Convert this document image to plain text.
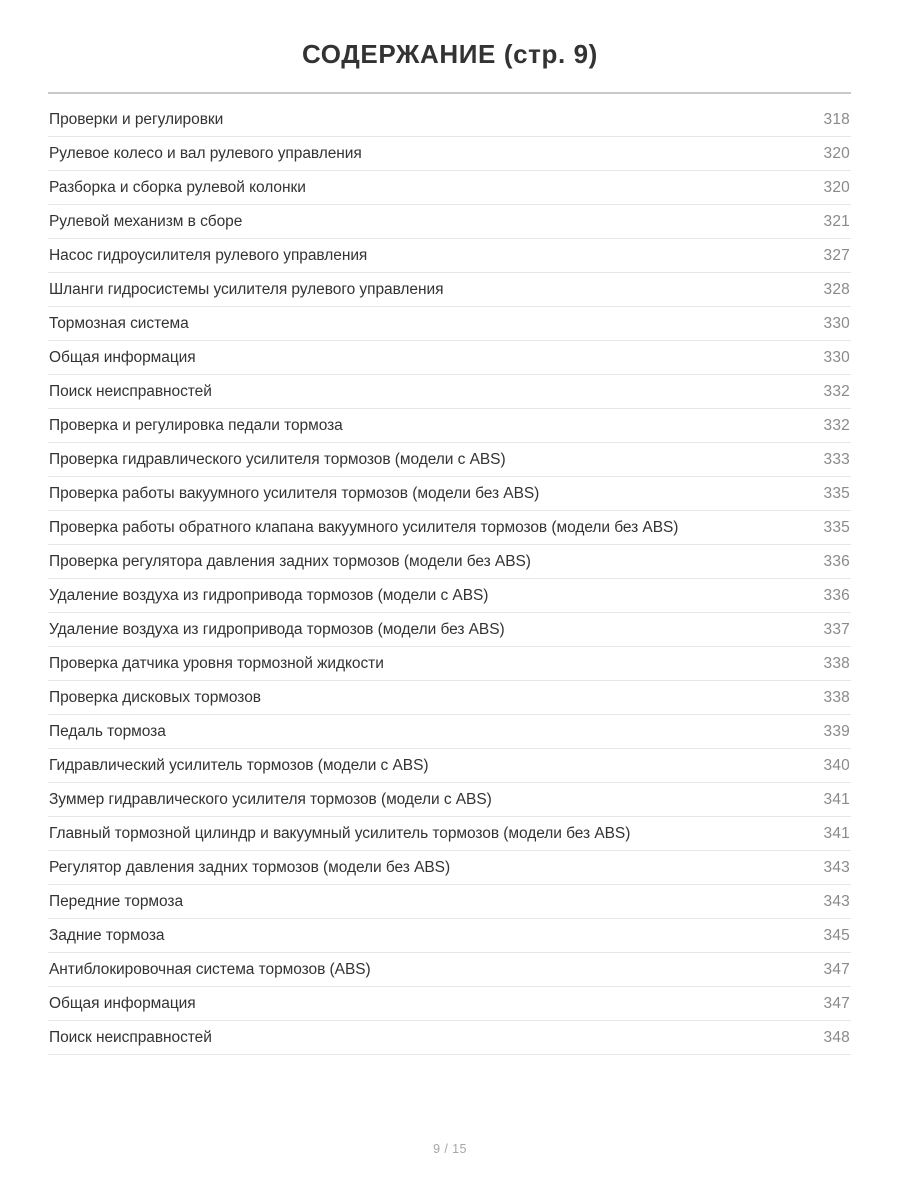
СОДЕРЖАНИЕ (стр. 9)
Проверки и регулировки	318
Рулевое колесо и вал рулевого управления	320
Разборка и сборка рулевой колонки	320
Рулевой механизм в сборе	321
Насос гидроусилителя рулевого управления	327
Шланги гидросистемы усилителя рулевого управления	328
Тормозная система	330
Общая информация	330
Поиск неисправностей	332
Проверка и регулировка педали тормоза	332
Проверка гидравлического усилителя тормозов (модели с ABS)	333
Проверка работы вакуумного усилителя тормозов (модели без ABS)	335
Проверка работы обратного клапана вакуумного усилителя тормозов (модели без ABS)	335
Проверка регулятора давления задних тормозов (модели без ABS)	336
Удаление воздуха из гидропривода тормозов (модели с ABS)	336
Удаление воздуха из гидропривода тормозов (модели без ABS)	337
Проверка датчика уровня тормозной жидкости	338
Проверка дисковых тормозов	338
Педаль тормоза	339
Гидравлический усилитель тормозов (модели с ABS)	340
Зуммер гидравлического усилителя тормозов (модели с ABS)	341
Главный тормозной цилиндр и вакуумный усилитель тормозов (модели без ABS)	341
Регулятор давления задних тормозов (модели без ABS)	343
Передние тормоза	343
Задние тормоза	345
Антиблокировочная система тормозов (ABS)	347
Общая информация	347
Поиск неисправностей	348
9 / 15
